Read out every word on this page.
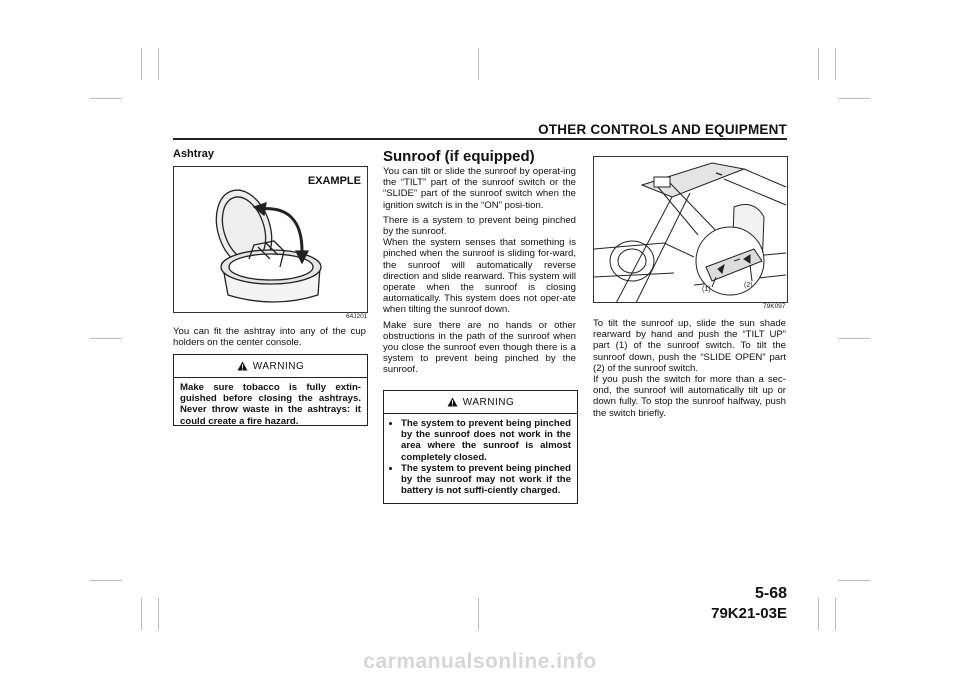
OTHER CONTROLS AND EQUIPMENT
Ashtray
EXAMPLE
64J201
You can fit the ashtray into any of the cup holders on the center console.
WARNING
Make sure tobacco is fully extin-guished before closing the ashtrays. Never throw waste in the ashtrays: it could create a fire hazard.
Sunroof (if equipped)
You can tilt or slide the sunroof by operat-ing the “TILT” part of the sunroof switch or the “SLIDE” part of the sunroof switch when the ignition switch is in the “ON” posi-tion.
There is a system to prevent being pinched by the sunroof.
When the system senses that something is pinched when the sunroof is sliding for-ward, the sunroof will automatically reverse direction and slide rearward. This system will operate when the sunroof is closing automatically. This system does not oper-ate when tilting the sunroof down.
Make sure there are no hands or other obstructions in the path of the sunroof when you close the sunroof even though there is a system to prevent being pinched by the sunroof.
WARNING
• The system to prevent being pinched by the sunroof does not work in the area where the sunroof is almost completely closed.
• The system to prevent being pinched by the sunroof may not work if the battery is not suffi-ciently charged.
(1)
(2)
79K097
To tilt the sunroof up, slide the sun shade rearward by hand and push the “TILT UP” part (1) of the sunroof switch. To tilt the sunroof down, push the “SLIDE OPEN” part (2) of the sunroof switch.
If you push the switch for more than a sec-ond, the sunroof will automatically tilt up or down fully. To stop the sunroof halfway, push the switch briefly.
5-68
79K21-03E
carmanualsonline.info
